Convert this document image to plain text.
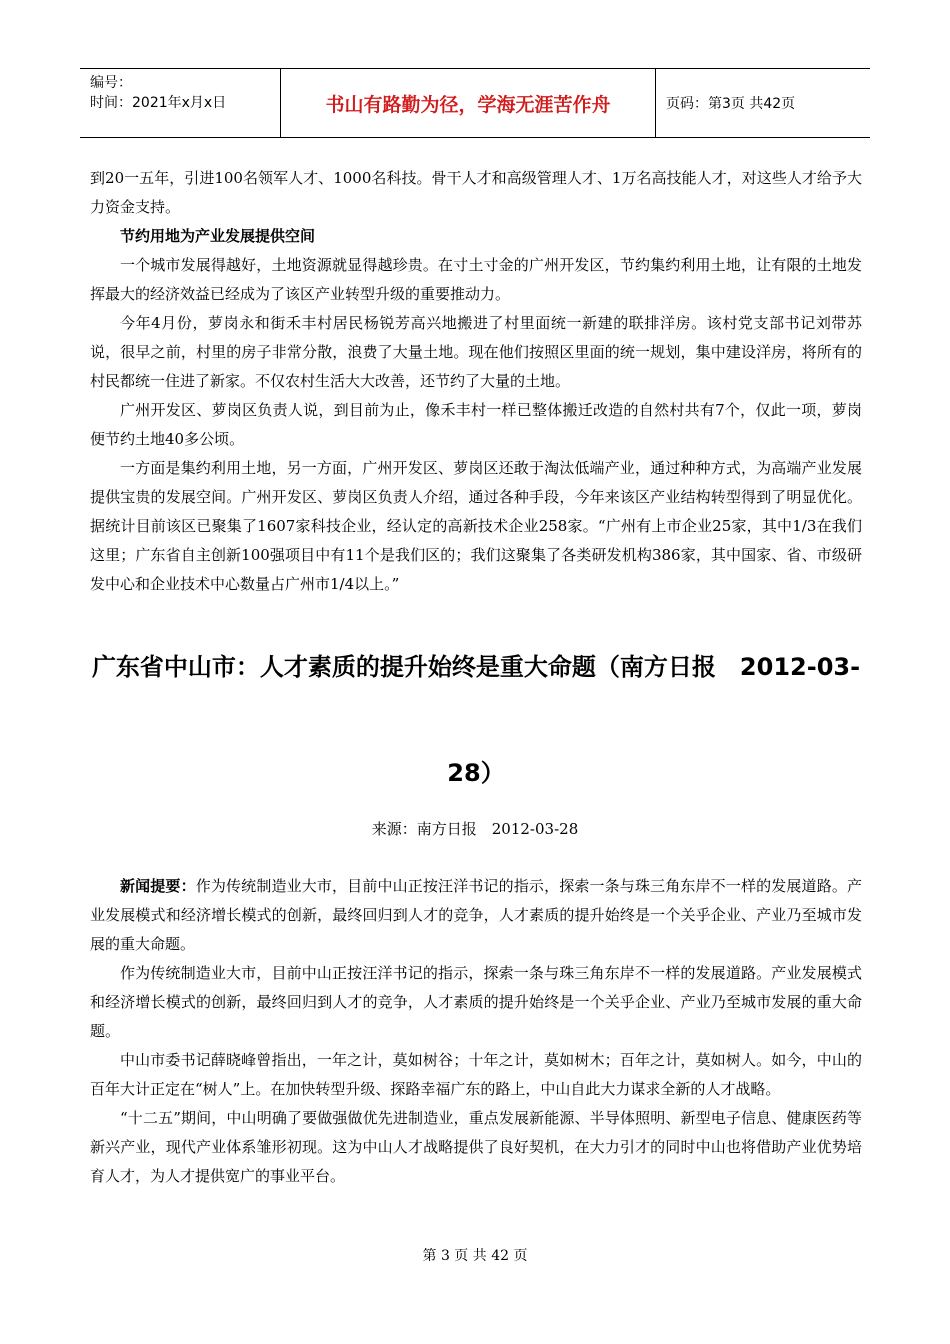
编号：
时间：2021年x月x日	书山有路勤为径，学海无涯苦作舟	页码：第3页 共42页

到20一五年，引进100名领军人才、1000名科技。骨干人才和高级管理人才、1万名高技能人才，对这些人才给予大力资金支持。

节约用地为产业发展提供空间

一个城市发展得越好，土地资源就显得越珍贵。在寸土寸金的广州开发区，节约集约利用土地，让有限的土地发挥最大的经济效益已经成为了该区产业转型升级的重要推动力。

今年4月份，萝岗永和街禾丰村居民杨锐芳高兴地搬进了村里面统一新建的联排洋房。该村党支部书记刘带苏说，很早之前，村里的房子非常分散，浪费了大量土地。现在他们按照区里面的统一规划，集中建设洋房，将所有的村民都统一住进了新家。不仅农村生活大大改善，还节约了大量的土地。

广州开发区、萝岗区负责人说，到目前为止，像禾丰村一样已整体搬迁改造的自然村共有7个，仅此一项，萝岗便节约土地40多公顷。

一方面是集约利用土地，另一方面，广州开发区、萝岗区还敢于淘汰低端产业，通过种种方式，为高端产业发展提供宝贵的发展空间。广州开发区、萝岗区负责人介绍，通过各种手段，今年来该区产业结构转型得到了明显优化。据统计目前该区已聚集了1607家科技企业，经认定的高新技术企业258家。“广州有上市企业25家，其中1/3在我们这里；广东省自主创新100强项目中有11个是我们区的；我们这聚集了各类研发机构386家，其中国家、省、市级研发中心和企业技术中心数量占广州市1/4以上。”

广东省中山市：人才素质的提升始终是重大命题（南方日报　2012-03-28）
来源：南方日报　2012-03-28

新闻提要：作为传统制造业大市，目前中山正按汪洋书记的指示，探索一条与珠三角东岸不一样的发展道路。产业发展模式和经济增长模式的创新，最终回归到人才的竞争，人才素质的提升始终是一个关乎企业、产业乃至城市发展的重大命题。

作为传统制造业大市，目前中山正按汪洋书记的指示，探索一条与珠三角东岸不一样的发展道路。产业发展模式和经济增长模式的创新，最终回归到人才的竞争，人才素质的提升始终是一个关乎企业、产业乃至城市发展的重大命题。

中山市委书记薛晓峰曾指出，一年之计，莫如树谷；十年之计，莫如树木；百年之计，莫如树人。如今，中山的百年大计正定在“树人”上。在加快转型升级、探路幸福广东的路上，中山自此大力谋求全新的人才战略。

“十二五”期间，中山明确了要做强做优先进制造业，重点发展新能源、半导体照明、新型电子信息、健康医药等新兴产业，现代产业体系雏形初现。这为中山人才战略提供了良好契机，在大力引才的同时中山也将借助产业优势培育人才，为人才提供宽广的事业平台。

第 3 页 共 42 页
